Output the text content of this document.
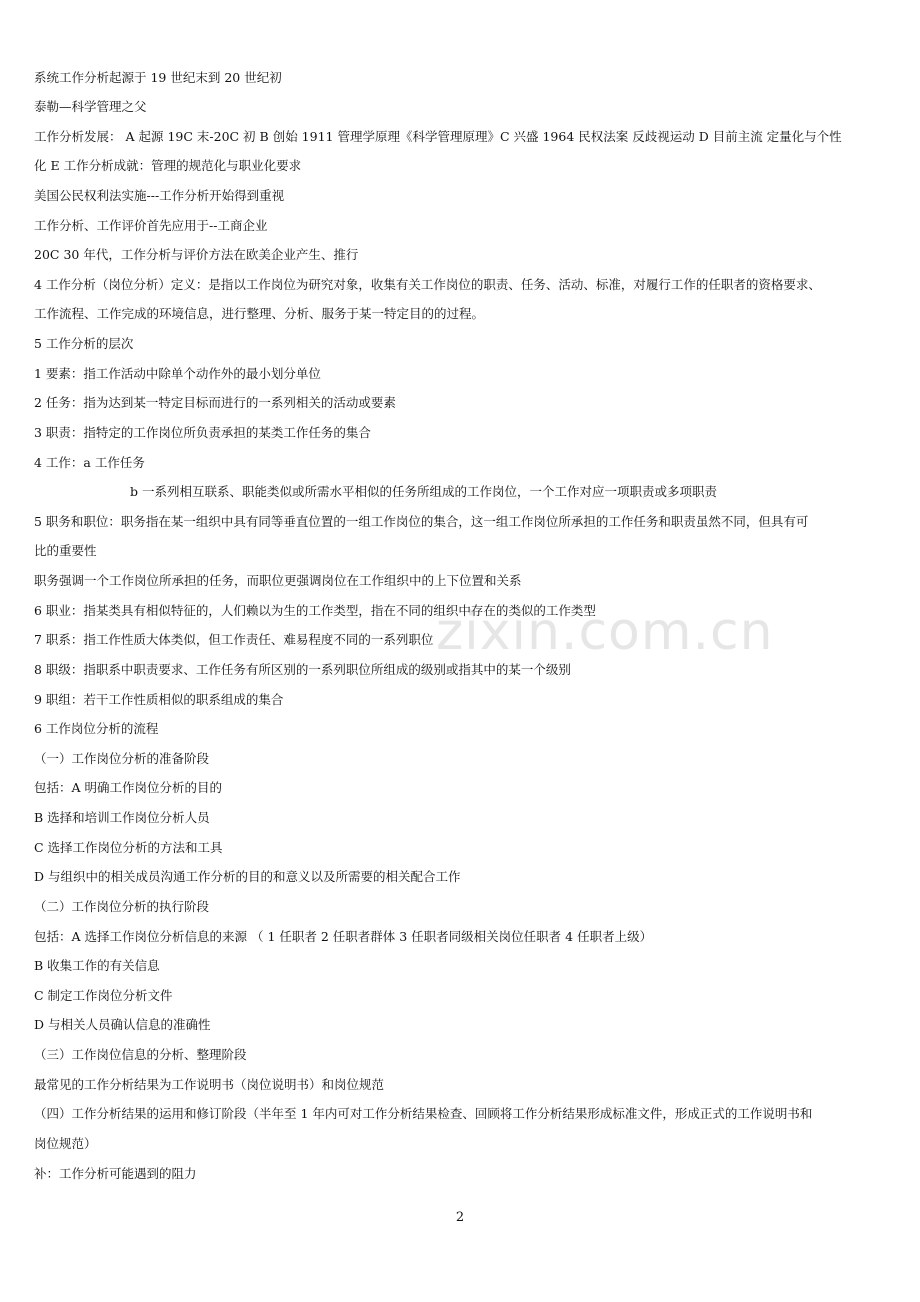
zixin.com.cn
系统工作分析起源于 19 世纪末到 20 世纪初
泰勒—科学管理之父
工作分析发展： A 起源 19C 末-20C 初 B 创始 1911 管理学原理《科学管理原理》C 兴盛 1964 民权法案 反歧视运动 D 目前主流 定量化与个性
化 E 工作分析成就：管理的规范化与职业化要求
美国公民权利法实施---工作分析开始得到重视
工作分析、工作评价首先应用于--工商企业
20C 30 年代，工作分析与评价方法在欧美企业产生、推行
4 工作分析（岗位分析）定义：是指以工作岗位为研究对象，收集有关工作岗位的职责、任务、活动、标准，对履行工作的任职者的资格要求、
工作流程、工作完成的环境信息，进行整理、分析、服务于某一特定目的的过程。
5 工作分析的层次
1 要素：指工作活动中除单个动作外的最小划分单位
2 任务：指为达到某一特定目标而进行的一系列相关的活动或要素
3 职责：指特定的工作岗位所负责承担的某类工作任务的集合
4 工作：a 工作任务
b 一系列相互联系、职能类似或所需水平相似的任务所组成的工作岗位，一个工作对应一项职责或多项职责
5 职务和职位：职务指在某一组织中具有同等垂直位置的一组工作岗位的集合，这一组工作岗位所承担的工作任务和职责虽然不同，但具有可
比的重要性
职务强调一个工作岗位所承担的任务，而职位更强调岗位在工作组织中的上下位置和关系
6 职业：指某类具有相似特征的，人们赖以为生的工作类型，指在不同的组织中存在的类似的工作类型
7 职系：指工作性质大体类似，但工作责任、难易程度不同的一系列职位
8 职级：指职系中职责要求、工作任务有所区别的一系列职位所组成的级别或指其中的某一个级别
9 职组：若干工作性质相似的职系组成的集合
6 工作岗位分析的流程
（一）工作岗位分析的准备阶段
包括：A 明确工作岗位分析的目的
B 选择和培训工作岗位分析人员
C 选择工作岗位分析的方法和工具
D 与组织中的相关成员沟通工作分析的目的和意义以及所需要的相关配合工作
（二）工作岗位分析的执行阶段
包括：A 选择工作岗位分析信息的来源 （ 1 任职者 2 任职者群体 3 任职者同级相关岗位任职者 4 任职者上级）
B 收集工作的有关信息
C 制定工作岗位分析文件
D 与相关人员确认信息的准确性
（三）工作岗位信息的分析、整理阶段
最常见的工作分析结果为工作说明书（岗位说明书）和岗位规范
（四）工作分析结果的运用和修订阶段（半年至 1 年内可对工作分析结果检查、回顾将工作分析结果形成标准文件，形成正式的工作说明书和
岗位规范）
补：工作分析可能遇到的阻力
2
